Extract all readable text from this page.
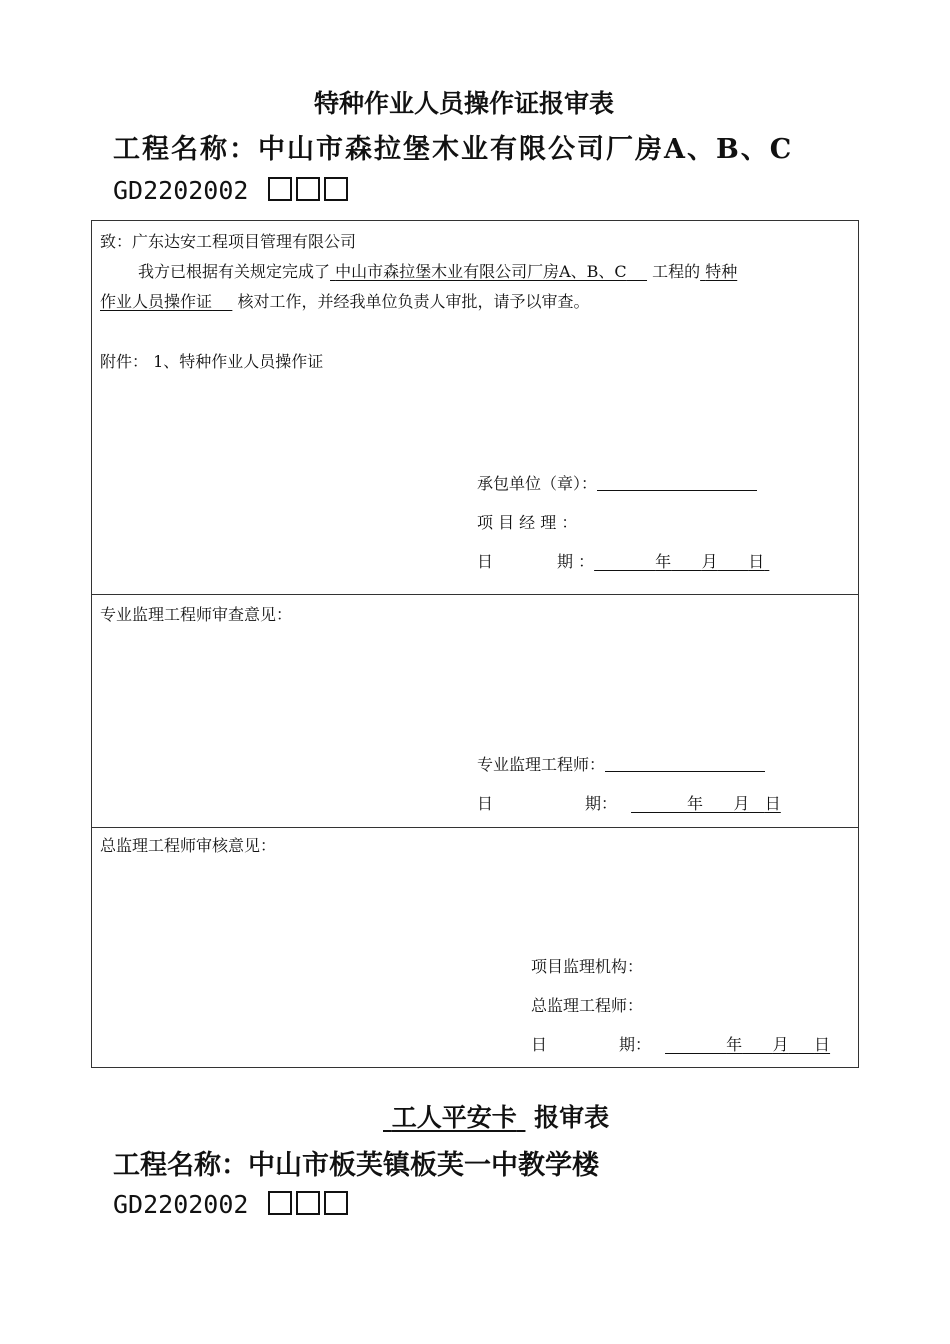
特种作业人员操作证报审表
工程名称：中山市森拉堡木业有限公司厂房A、B、C
GD2202002
致：广东达安工程项目管理有限公司
我方已根据有关规定完成了 中山市森拉堡木业有限公司厂房A、B、C 工程的 特种
作业人员操作证 核对工作，并经我单位负责人审批，请予以审查。
附件： 1、特种作业人员操作证
承包单位（章）：
项 目 经 理 ：
日	期 ：	年 月 日
专业监理工程师审查意见：
专业监理工程师：
日	期：	年 月 日
总监理工程师审核意见：
项目监理机构：
总监理工程师：
日	期：	年 月 日
工人平安卡 报审表
工程名称：中山市板芙镇板芙一中教学楼
GD2202002
